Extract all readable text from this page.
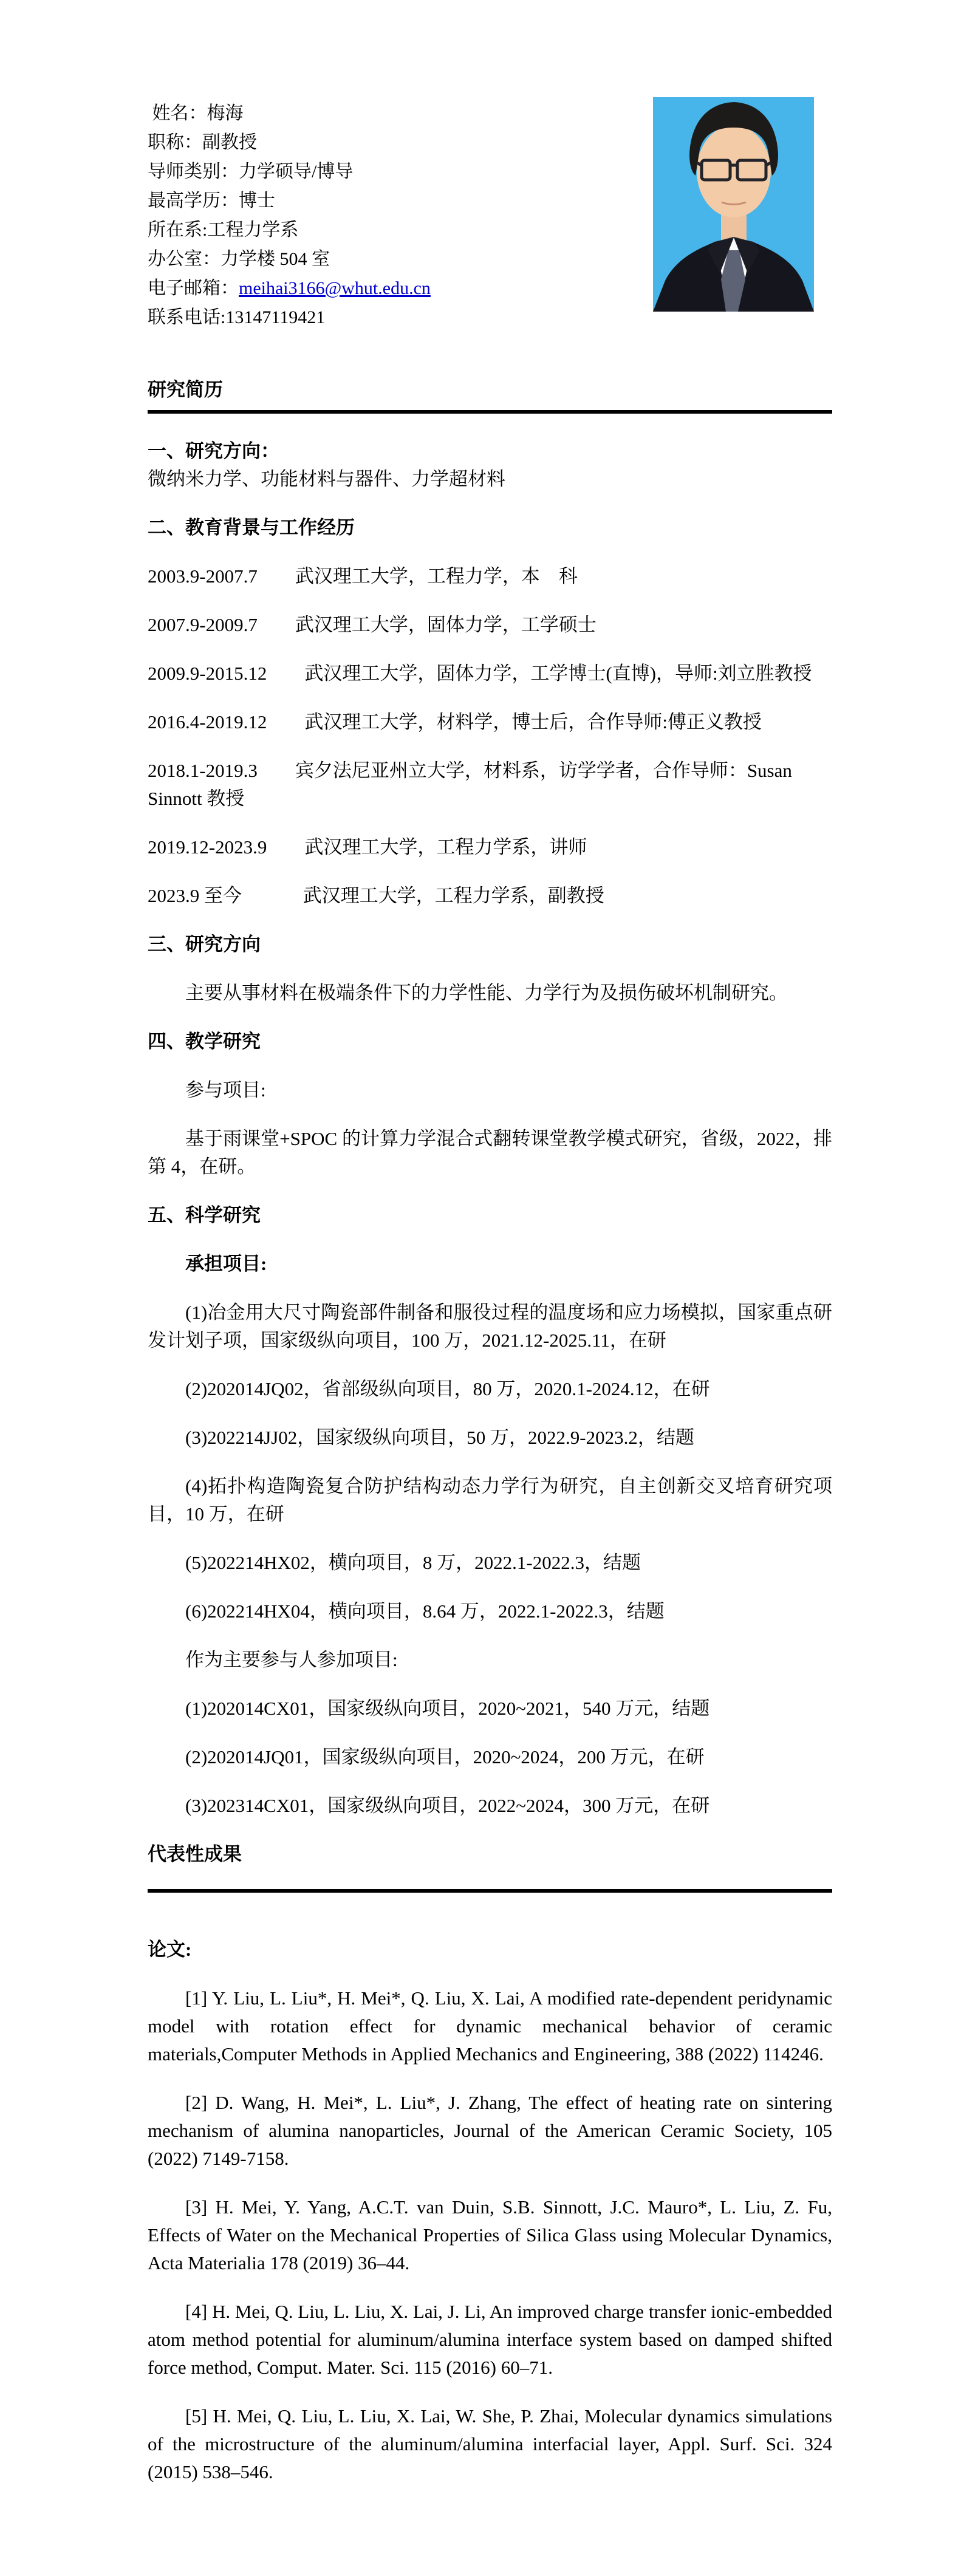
姓名：梅海

职称：副教授

导师类别：力学硕导/博导

最高学历：博士

所在系:工程力学系

办公室：力学楼 504 室

电子邮箱：meihai3166@whut.edu.cn

联系电话:13147119421

研究简历
一、研究方向：

微纳米力学、功能材料与器件、力学超材料

二、教育背景与工作经历

2003.9-2007.7　　武汉理工大学，工程力学，本　科

2007.9-2009.7　　武汉理工大学，固体力学，工学硕士

2009.9-2015.12　　武汉理工大学，固体力学，工学博士(直博)，导师:刘立胜教授

2016.4-2019.12　　武汉理工大学，材料学，博士后，合作导师:傅正义教授

2018.1-2019.3　　宾夕法尼亚州立大学，材料系，访学学者，合作导师：Susan Sinnott 教授

2019.12-2023.9　　武汉理工大学，工程力学系，讲师

2023.9 至今　　　 武汉理工大学，工程力学系，副教授

三、研究方向

主要从事材料在极端条件下的力学性能、力学行为及损伤破坏机制研究。

四、教学研究

参与项目:

基于雨课堂+SPOC 的计算力学混合式翻转课堂教学模式研究，省级，2022，排第 4，在研。

五、科学研究

承担项目:

(1)冶金用大尺寸陶瓷部件制备和服役过程的温度场和应力场模拟，国家重点研发计划子项，国家级纵向项目，100 万，2021.12-2025.11，在研

(2)202014JQ02，省部级纵向项目，80 万，2020.1-2024.12，在研

(3)202214JJ02，国家级纵向项目，50 万，2022.9-2023.2，结题

(4)拓扑构造陶瓷复合防护结构动态力学行为研究，自主创新交叉培育研究项目，10 万，在研

(5)202214HX02，横向项目，8 万，2022.1-2022.3，结题

(6)202214HX04，横向项目，8.64 万，2022.1-2022.3，结题

作为主要参与人参加项目:

(1)202014CX01，国家级纵向项目，2020~2021，540 万元，结题

(2)202014JQ01，国家级纵向项目，2020~2024，200 万元，在研

(3)202314CX01，国家级纵向项目，2022~2024，300 万元，在研

代表性成果

论文:

[1] Y. Liu, L. Liu*, H. Mei*, Q. Liu, X. Lai, A modified rate-dependent peridynamic model with rotation effect for dynamic mechanical behavior of ceramic materials,Computer Methods in Applied Mechanics and Engineering, 388 (2022) 114246.

[2] D. Wang, H. Mei*, L. Liu*, J. Zhang, The effect of heating rate on sintering mechanism of alumina nanoparticles, Journal of the American Ceramic Society, 105 (2022) 7149-7158.

[3] H. Mei, Y. Yang, A.C.T. van Duin, S.B. Sinnott, J.C. Mauro*, L. Liu, Z. Fu, Effects of Water on the Mechanical Properties of Silica Glass using Molecular Dynamics, Acta Materialia 178 (2019) 36–44.

[4] H. Mei, Q. Liu, L. Liu, X. Lai, J. Li, An improved charge transfer ionic-embedded atom method potential for aluminum/alumina interface system based on damped shifted force method, Comput. Mater. Sci. 115 (2016) 60–71.

[5] H. Mei, Q. Liu, L. Liu, X. Lai, W. She, P. Zhai, Molecular dynamics simulations of the microstructure of the aluminum/alumina interfacial layer, Appl. Surf. Sci. 324 (2015) 538–546.
